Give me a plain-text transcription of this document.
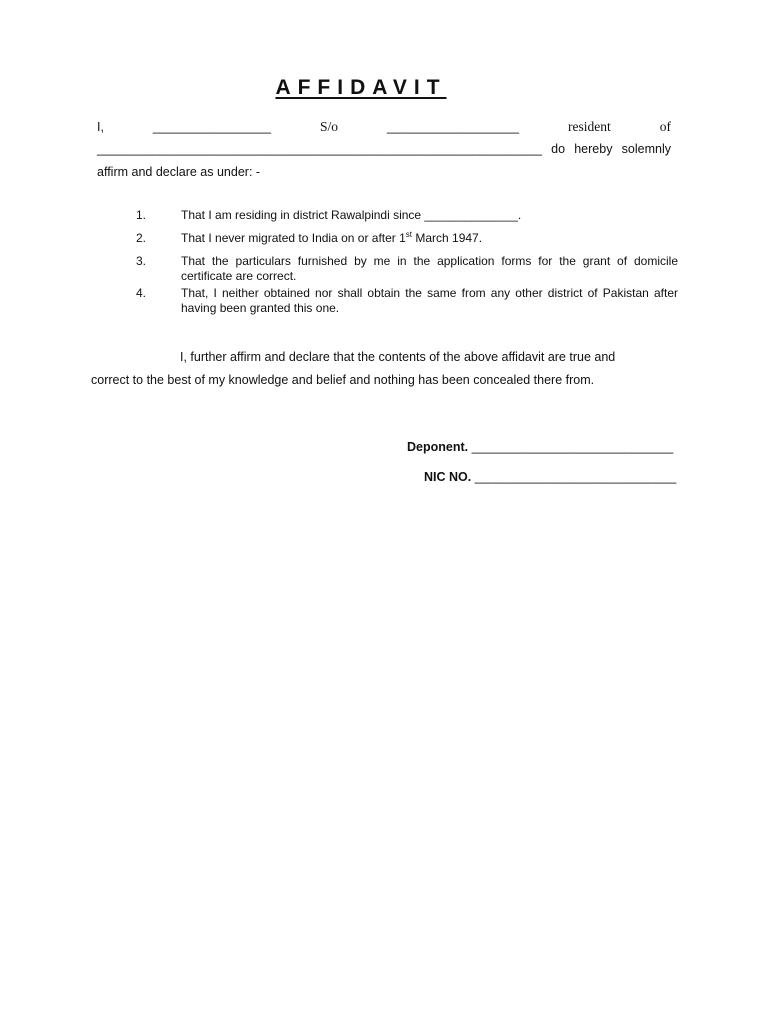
AFFIDAVIT
I,	_________________	S/o	___________________	resident	of
________________________________________________________________ do hereby solemnly
affirm and declare as under: -
1.	That I am residing in district Rawalpindi since ______________.
2.	That I never migrated to India on or after 1st March 1947.
3.	That the particulars furnished by me in the application forms for the grant of domicile certificate are correct.
4.	That, I neither obtained nor shall obtain the same from any other district of Pakistan after having been granted this one.
I, further affirm and declare that the contents of the above affidavit are true and
correct to the best of my knowledge and belief and nothing has been concealed there from.
Deponent. _____________________________
NIC NO. _____________________________
